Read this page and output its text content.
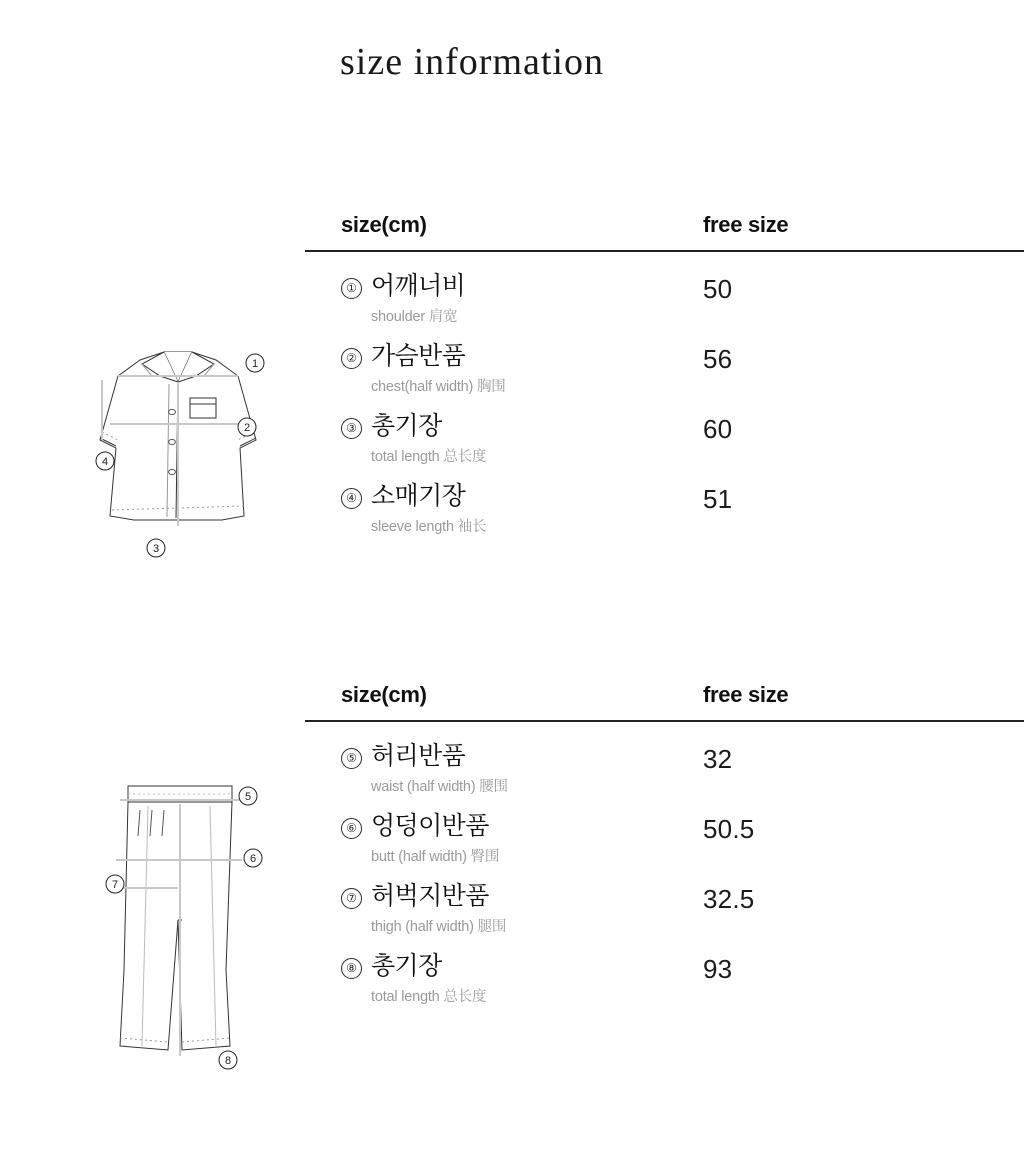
size information
size(cm)	free size
① 어깨너비
shoulder 肩宽
50
② 가슴반품
chest(half width) 胸围
56
③ 총기장
total length 总长度
60
④ 소매기장
sleeve length 袖长
51
size(cm)	free size
⑤ 허리반품
waist (half width) 腰围
32
⑥ 엉덩이반품
butt (half width) 臀围
50.5
⑦ 허벅지반품
thigh (half width) 腿围
32.5
⑧ 총기장
total length 总长度
93
1
2
3
4
5
6
7
8
